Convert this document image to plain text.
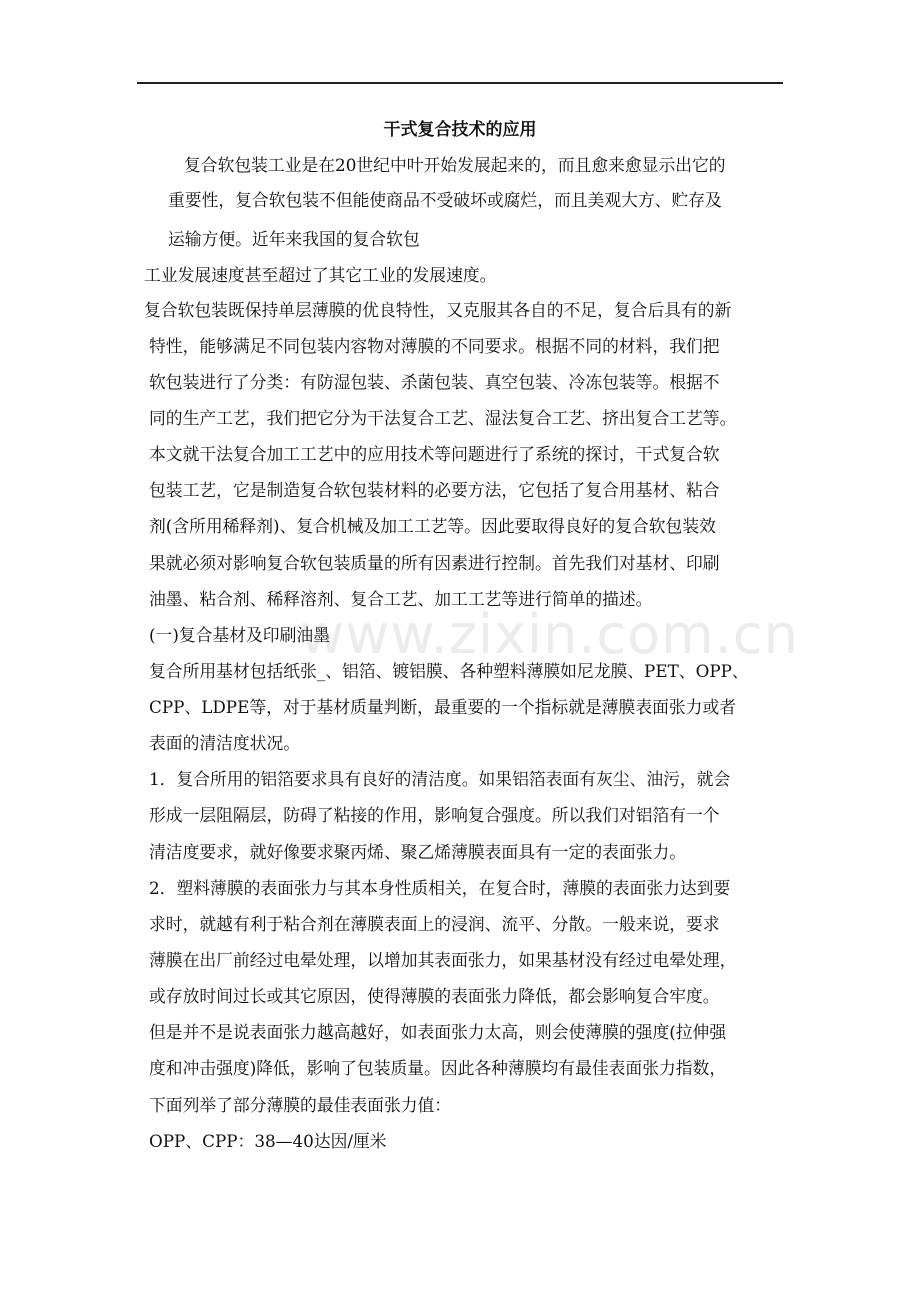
干式复合技术的应用
www.zixin.com.cn
复合软包装工业是在20世纪中叶开始发展起来的，而且愈来愈显示出它的
重要性，复合软包装不但能使商品不受破坏或腐烂，而且美观大方、贮存及
运输方便。近年来我国的复合软包
工业发展速度甚至超过了其它工业的发展速度。
复合软包装既保持单层薄膜的优良特性，又克服其各自的不足，复合后具有的新
特性，能够满足不同包装内容物对薄膜的不同要求。根据不同的材料，我们把
软包装进行了分类：有防湿包装、杀菌包装、真空包装、冷冻包装等。根据不
同的生产工艺，我们把它分为干法复合工艺、湿法复合工艺、挤出复合工艺等。
本文就干法复合加工工艺中的应用技术等问题进行了系统的探讨，干式复合软
包装工艺，它是制造复合软包装材料的必要方法，它包括了复合用基材、粘合
剂(含所用稀释剂)、复合机械及加工工艺等。因此要取得良好的复合软包装效
果就必须对影响复合软包装质量的所有因素进行控制。首先我们对基材、印刷
油墨、粘合剂、稀释溶剂、复合工艺、加工工艺等进行简单的描述。
(一)复合基材及印刷油墨
复合所用基材包括纸张_、铝箔、镀铝膜、各种塑料薄膜如尼龙膜、PET、OPP、
CPP、LDPE等，对于基材质量判断，最重要的一个指标就是薄膜表面张力或者
表面的清洁度状况。
1．复合所用的铝箔要求具有良好的清洁度。如果铝箔表面有灰尘、油污，就会
形成一层阻隔层，防碍了粘接的作用，影响复合强度。所以我们对铝箔有一个
清洁度要求，就好像要求聚丙烯、聚乙烯薄膜表面具有一定的表面张力。
2．塑料薄膜的表面张力与其本身性质相关，在复合时，薄膜的表面张力达到要
求时，就越有利于粘合剂在薄膜表面上的浸润、流平、分散。一般来说，要求
薄膜在出厂前经过电晕处理，以增加其表面张力，如果基材没有经过电晕处理，
或存放时间过长或其它原因，使得薄膜的表面张力降低，都会影响复合牢度。
但是并不是说表面张力越高越好，如表面张力太高，则会使薄膜的强度(拉伸强
度和冲击强度)降低，影响了包装质量。因此各种薄膜均有最佳表面张力指数，
下面列举了部分薄膜的最佳表面张力值：
OPP、CPP：38—40达因/厘米
